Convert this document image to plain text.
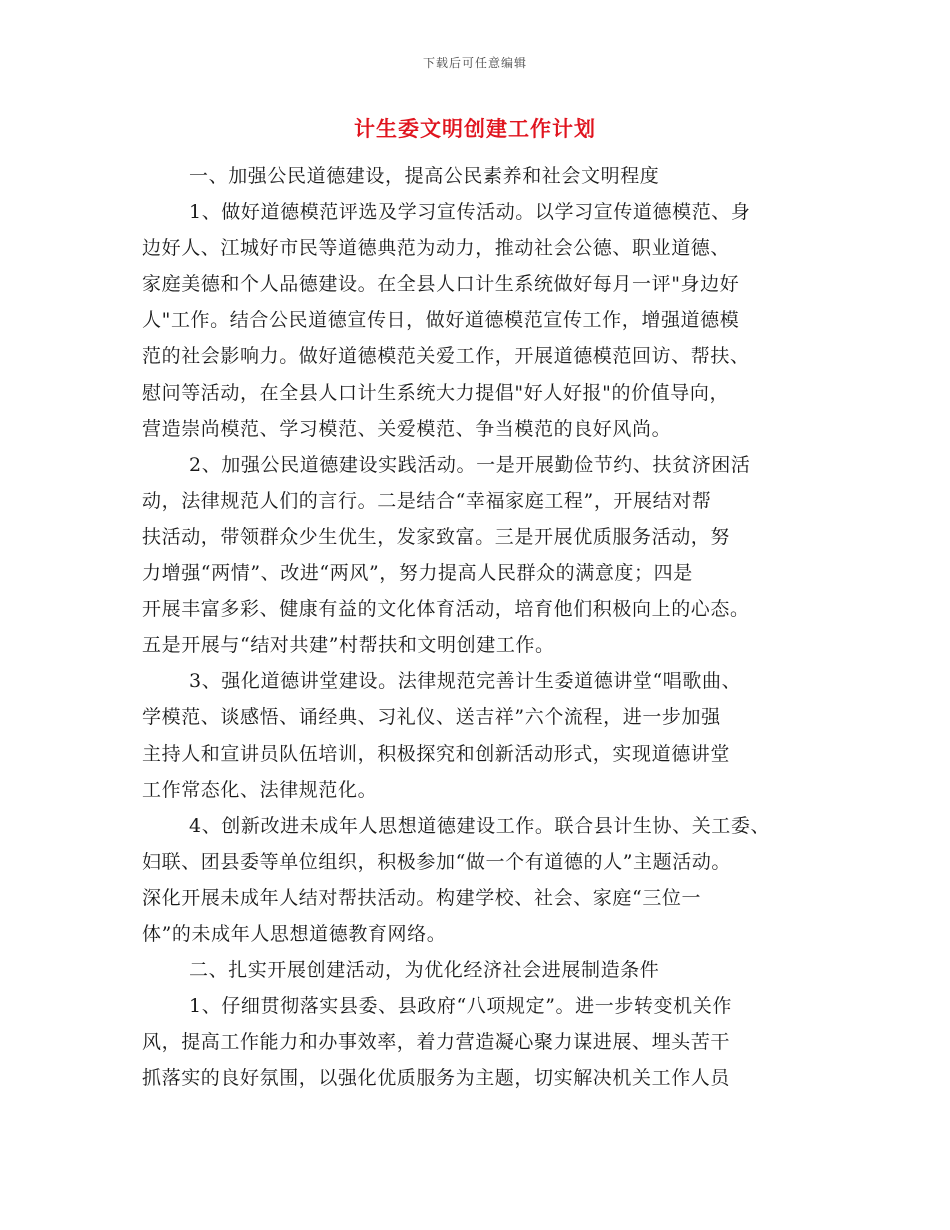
下载后可任意编辑
计生委文明创建工作计划
一、加强公民道德建设，提高公民素养和社会文明程度
1、做好道德模范评选及学习宣传活动。以学习宣传道德模范、身
边好人、江城好市民等道德典范为动力，推动社会公德、职业道德、
家庭美德和个人品德建设。在全县人口计生系统做好每月一评"身边好
人"工作。结合公民道德宣传日，做好道德模范宣传工作，增强道德模
范的社会影响力。做好道德模范关爱工作，开展道德模范回访、帮扶、
慰问等活动，在全县人口计生系统大力提倡"好人好报"的价值导向，
营造崇尚模范、学习模范、关爱模范、争当模范的良好风尚。
2、加强公民道德建设实践活动。一是开展勤俭节约、扶贫济困活
动，法律规范人们的言行。二是结合“幸福家庭工程”，开展结对帮
扶活动，带领群众少生优生，发家致富。三是开展优质服务活动，努
力增强“两情”、改进“两风”，努力提高人民群众的满意度；四是
开展丰富多彩、健康有益的文化体育活动，培育他们积极向上的心态。
五是开展与“结对共建”村帮扶和文明创建工作。
3、强化道德讲堂建设。法律规范完善计生委道德讲堂“唱歌曲、
学模范、谈感悟、诵经典、习礼仪、送吉祥”六个流程，进一步加强
主持人和宣讲员队伍培训，积极探究和创新活动形式，实现道德讲堂
工作常态化、法律规范化。
4、创新改进未成年人思想道德建设工作。联合县计生协、关工委、
妇联、团县委等单位组织，积极参加“做一个有道德的人”主题活动。
深化开展未成年人结对帮扶活动。构建学校、社会、家庭“三位一
体”的未成年人思想道德教育网络。
二、扎实开展创建活动，为优化经济社会进展制造条件
1、仔细贯彻落实县委、县政府“八项规定”。进一步转变机关作
风，提高工作能力和办事效率，着力营造凝心聚力谋进展、埋头苦干
抓落实的良好氛围，以强化优质服务为主题，切实解决机关工作人员
